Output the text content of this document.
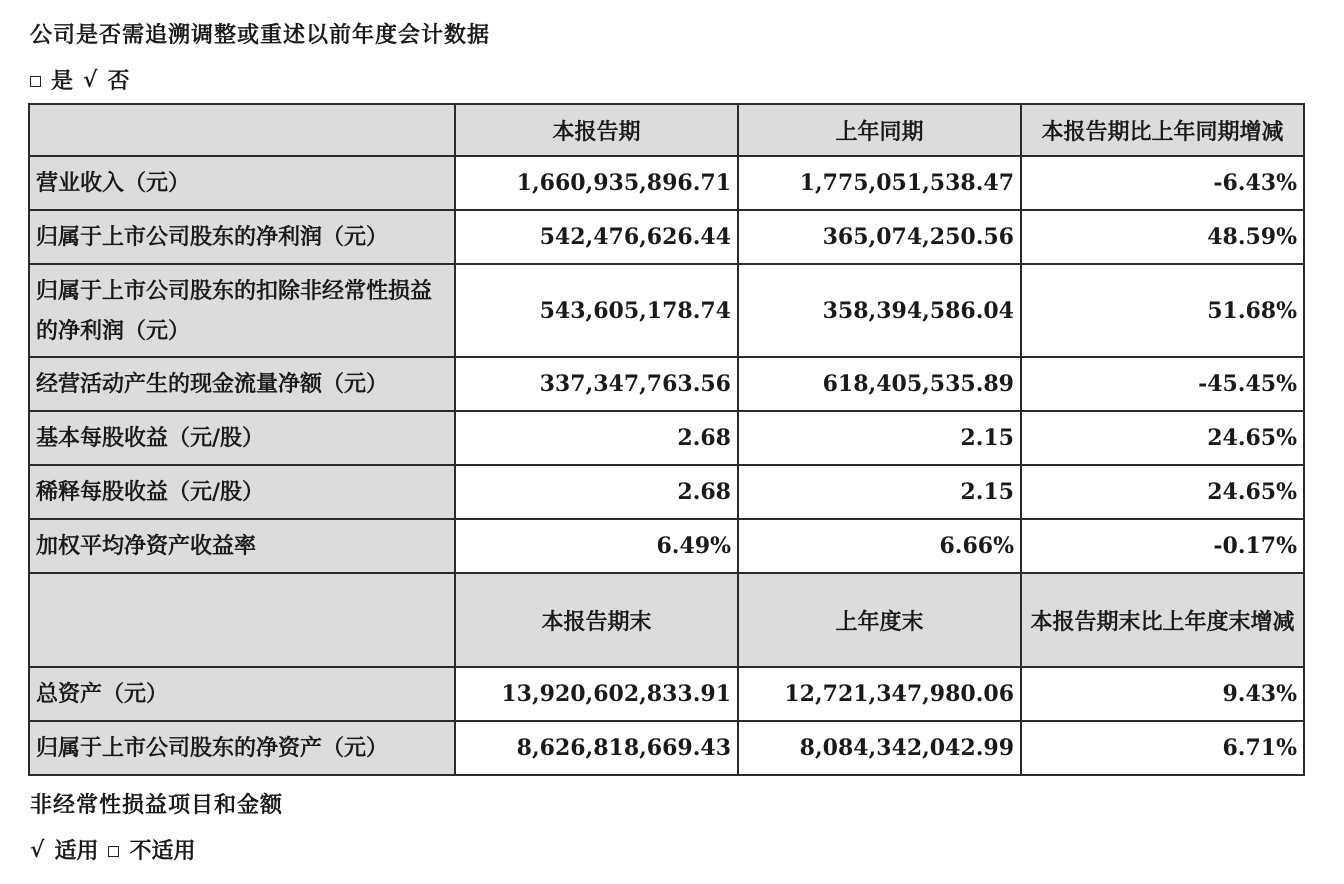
公司是否需追溯调整或重述以前年度会计数据
是 √ 否
	本报告期	上年同期	本报告期比上年同期增减
营业收入（元）	1,660,935,896.71	1,775,051,538.47	-6.43%
归属于上市公司股东的净利润（元）	542,476,626.44	365,074,250.56	48.59%
归属于上市公司股东的扣除非经常性损益的净利润（元）	543,605,178.74	358,394,586.04	51.68%
经营活动产生的现金流量净额（元）	337,347,763.56	618,405,535.89	-45.45%
基本每股收益（元/股）	2.68	2.15	24.65%
稀释每股收益（元/股）	2.68	2.15	24.65%
加权平均净资产收益率	6.49%	6.66%	-0.17%
	本报告期末	上年度末	本报告期末比上年度末增减
总资产（元）	13,920,602,833.91	12,721,347,980.06	9.43%
归属于上市公司股东的净资产（元）	8,626,818,669.43	8,084,342,042.99	6.71%
非经常性损益项目和金额
√ 适用 不适用
